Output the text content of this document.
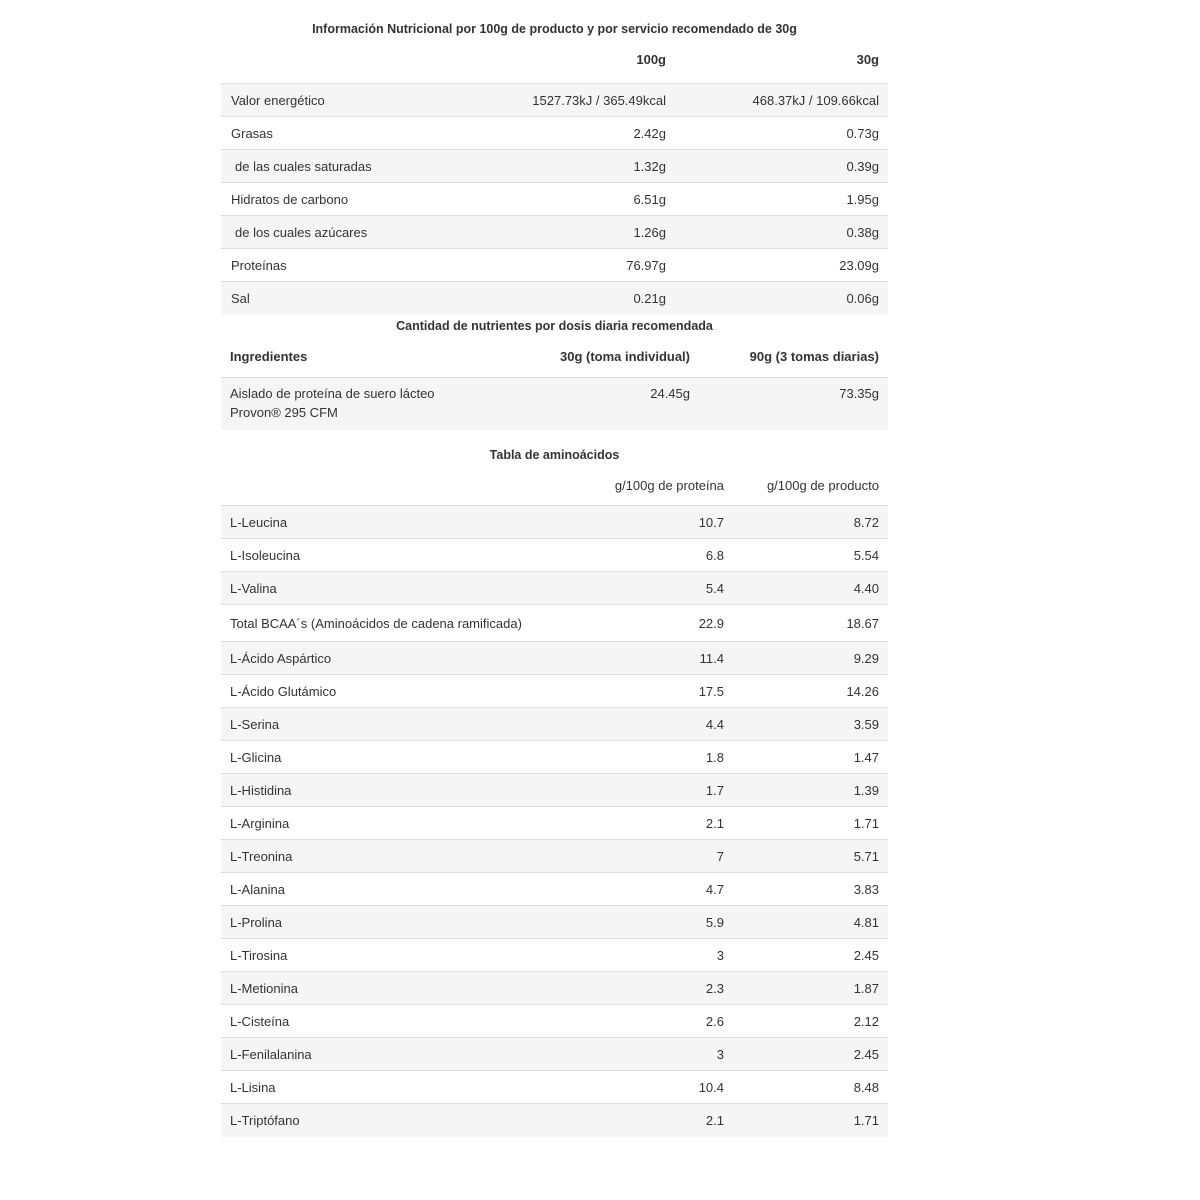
Información Nutricional por 100g de producto y por servicio recomendado de 30g
	100g	30g
Valor energético	1527.73kJ / 365.49kcal	468.37kJ / 109.66kcal
Grasas	2.42g	0.73g
de las cuales saturadas	1.32g	0.39g
Hidratos de carbono	6.51g	1.95g
de los cuales azúcares	1.26g	0.38g
Proteínas	76.97g	23.09g
Sal	0.21g	0.06g
Cantidad de nutrientes por dosis diaria recomendada
Ingredientes	30g (toma individual)	90g (3 tomas diarias)

Aislado de proteína de suero lácteo
Provon® 295 CFM	24.45g	73.35g
Tabla de aminoácidos
	g/100g de proteína	g/100g de producto
L-Leucina	10.7	8.72
L-Isoleucina	6.8	5.54
L-Valina	5.4	4.40
Total BCAA´s (Aminoácidos de cadena ramificada)	22.9	18.67
L-Ácido Aspártico	11.4	9.29
L-Ácido Glutámico	17.5	14.26
L-Serina	4.4	3.59
L-Glicina	1.8	1.47
L-Histidina	1.7	1.39
L-Arginina	2.1	1.71
L-Treonina	7	5.71
L-Alanina	4.7	3.83
L-Prolina	5.9	4.81
L-Tirosina	3	2.45
L-Metionina	2.3	1.87
L-Cisteína	2.6	2.12
L-Fenilalanina	3	2.45
L-Lisina	10.4	8.48
L-Triptófano	2.1	1.71
